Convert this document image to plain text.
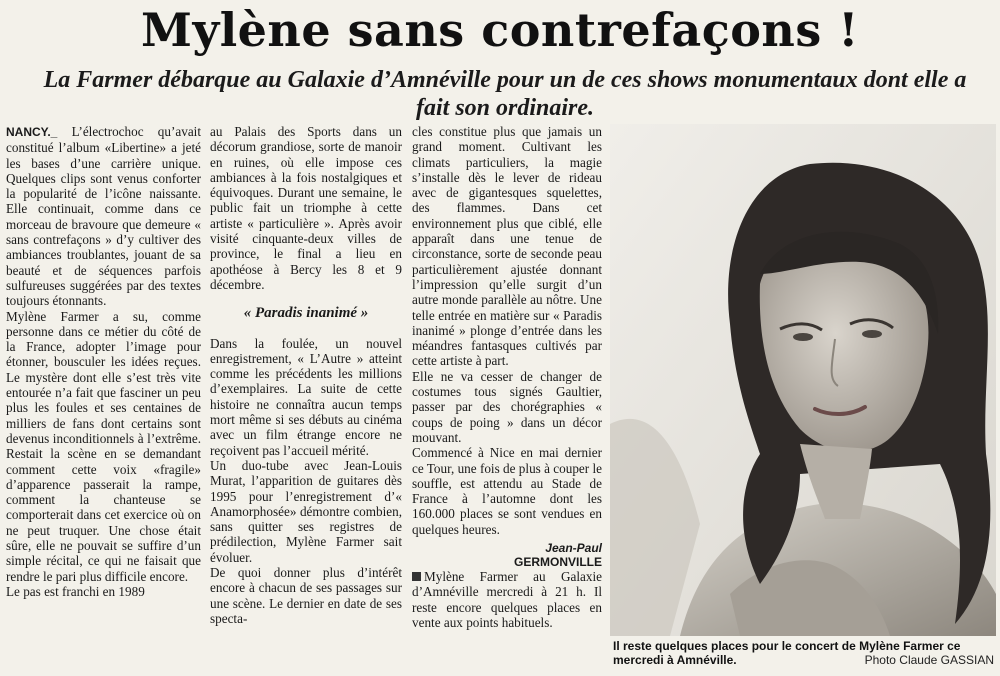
Mylène sans contrefaçons !
La Farmer débarque au Galaxie d’Amnéville pour un de ces shows monumentaux dont elle a fait son ordinaire.

NANCY._ L’électrochoc qu’avait constitué l’album «Libertine» a jeté les bases d’une carrière unique. Quelques clips sont venus conforter la popularité de l’icône naissante. Elle continuait, comme dans ce morceau de bravoure que demeure « sans contrefaçons » d’y cultiver des ambiances troublantes, jouant de sa beauté et de séquences parfois sulfureuses suggérées par des textes toujours étonnants.

Mylène Farmer a su, comme personne dans ce métier du côté de la France, adopter l’image pour étonner, bousculer les idées reçues. Le mystère dont elle s’est très vite entourée n’a fait que fasciner un peu plus les foules et ses centaines de milliers de fans dont certains sont devenus inconditionnels à l’extrême. Restait la scène en se demandant comment cette voix «fragile» d’apparence passerait la rampe, comment la chanteuse se comporterait dans cet exercice où on ne peut truquer. Une chose était sûre, elle ne pouvait se suffire d’un simple récital, ce qui ne faisait que rendre le pari plus difficile encore.

Le pas est franchi en 1989

au Palais des Sports dans un décorum grandiose, sorte de manoir en ruines, où elle impose ces ambiances à la fois nostalgiques et équivoques. Durant une semaine, le public fait un triomphe à cette artiste « particulière ». Après avoir visité cinquante-deux villes de province, le final a lieu en apothéose à Bercy les 8 et 9 décembre.

« Paradis inanimé »

Dans la foulée, un nouvel enregistrement, « L’Autre » atteint comme les précédents les millions d’exemplaires. La suite de cette histoire ne connaîtra aucun temps mort même si ses débuts au cinéma avec un film étrange encore ne reçoivent pas l’accueil mérité.

Un duo-tube avec Jean-Louis Murat, l’apparition de guitares dès 1995 pour l’enregistrement d’« Anamorphosée» démontre combien, sans quitter ses registres de prédilection, Mylène Farmer sait évoluer.

De quoi donner plus d’intérêt encore à chacun de ses passages sur une scène. Le dernier en date de ses specta-

cles constitue plus que jamais un grand moment. Cultivant les climats particuliers, la magie s’installe dès le lever de rideau avec de gigantesques squelettes, des flammes. Dans cet environnement plus que ciblé, elle apparaît dans une tenue de circonstance, sorte de seconde peau particulièrement ajustée donnant l’impression qu’elle surgit d’un autre monde parallèle au nôtre. Une telle entrée en matière sur « Paradis inanimé » plonge d’entrée dans les méandres fantasques cultivés par cette artiste à part.

Elle ne va cesser de changer de costumes tous signés Gaultier, passer par des chorégraphies « coups de poing » dans un décor mouvant.

Commencé à Nice en mai dernier ce Tour, une fois de plus à couper le souffle, est attendu au Stade de France à l’automne dont les 160.000 places se sont vendues en quelques heures.

Jean-Paul
GERMONVILLE

Mylène Farmer au Galaxie d’Amnéville mercredi à 21 h. Il reste encore quelques places en vente aux points habituels.

Il reste quelques places pour le concert de Mylène Farmer ce mercredi à Amnéville.	Photo Claude GASSIAN
